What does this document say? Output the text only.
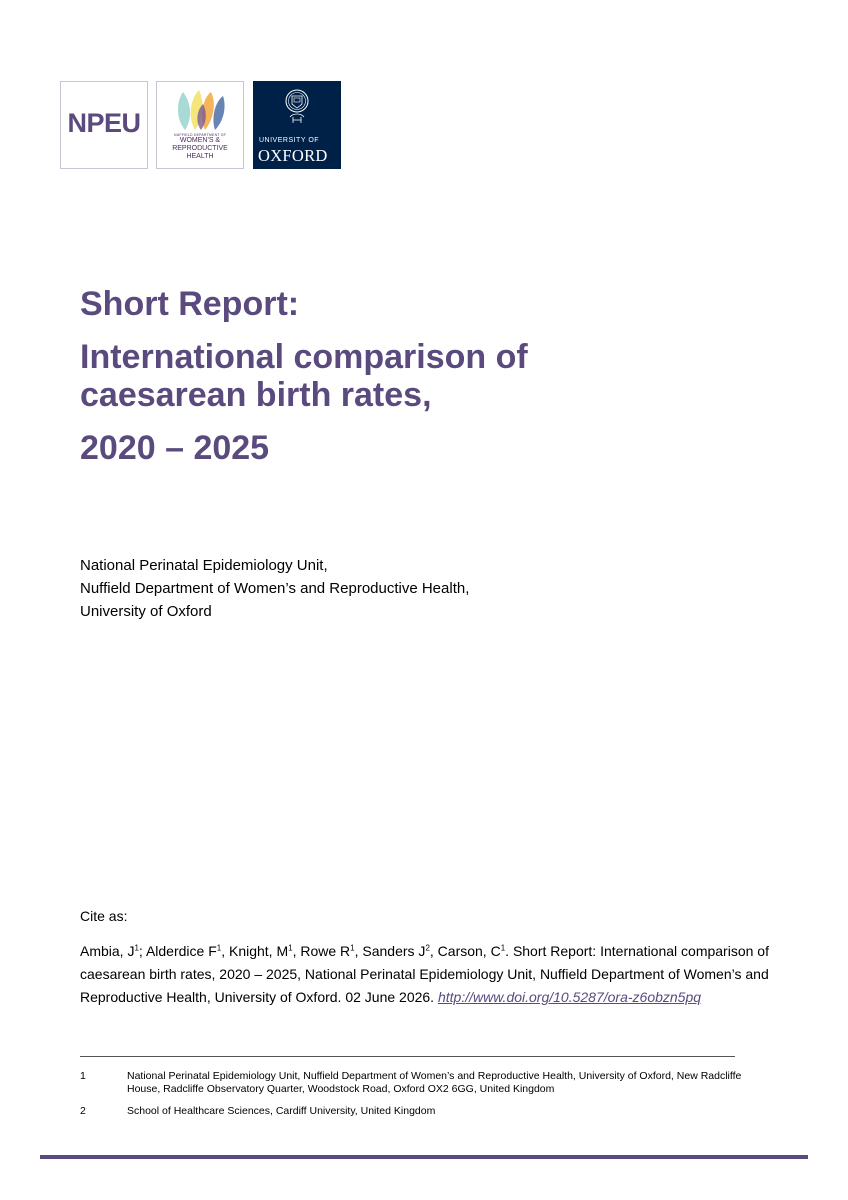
NPEU	NUFFIELD DEPARTMENT OF
WOMEN'S &
REPRODUCTIVE
HEALTH
UNIVERSITY OF
OXFORD
Short Report:
International comparison of
caesarean birth rates,
2020 – 2025
National Perinatal Epidemiology Unit,
Nuffield Department of Women’s and Reproductive Health,
University of Oxford
Cite as:
Ambia, $J^1$; Alderdice $F^1$, Knight, $M^1$, Rowe $R^1$, Sanders $J^2$, Carson, $C^1$. Short Report: International comparison of caesarean birth rates, 2020 – 2025, National Perinatal Epidemiology Unit, Nuffield Department of Women’s and Reproductive Health, University of Oxford. 02 June 2026. http://www.doi.org/10.5287/ora-z6obzn5pq
1	National Perinatal Epidemiology Unit, Nuffield Department of Women’s and Reproductive Health, University of Oxford, New Radcliffe House, Radcliffe Observatory Quarter, Woodstock Road, Oxford OX2 6GG, United Kingdom
2	School of Healthcare Sciences, Cardiff University, United Kingdom
